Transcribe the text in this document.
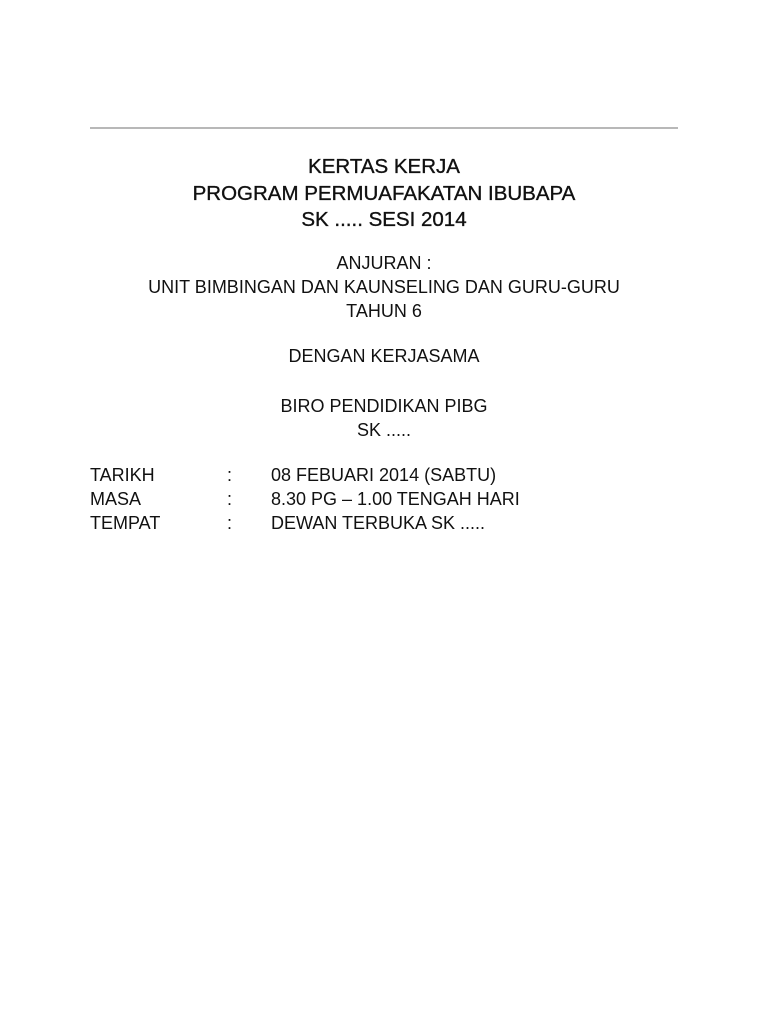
KERTAS KERJA
PROGRAM PERMUAFAKATAN IBUBAPA
SK ..... SESI 2014
ANJURAN :
UNIT BIMBINGAN DAN KAUNSELING DAN GURU-GURU
TAHUN 6
DENGAN KERJASAMA
BIRO PENDIDIKAN PIBG
SK .....
TARIKH	: 08 FEBUARI 2014 (SABTU)
MASA	: 8.30 PG – 1.00 TENGAH HARI
TEMPAT	: DEWAN TERBUKA SK .....
